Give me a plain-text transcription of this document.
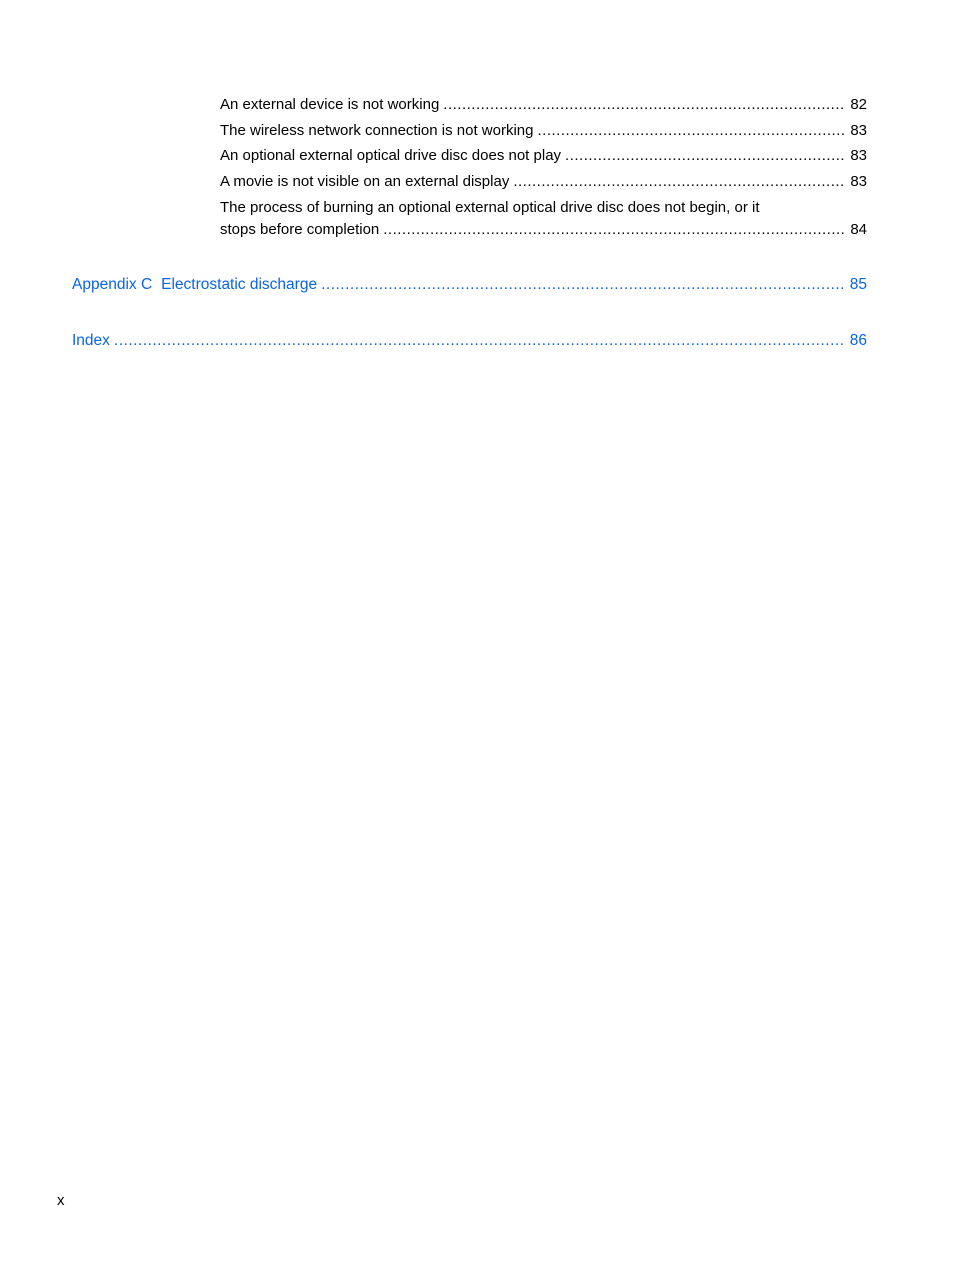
An external device is not working .....	82
The wireless network connection is not working .....	83
An optional external optical drive disc does not play .....	83
A movie is not visible on an external display .....	83
The process of burning an optional external optical drive disc does not begin, or it
stops before completion .....	84
Appendix C Electrostatic discharge .....	85
Index .....	86
x
